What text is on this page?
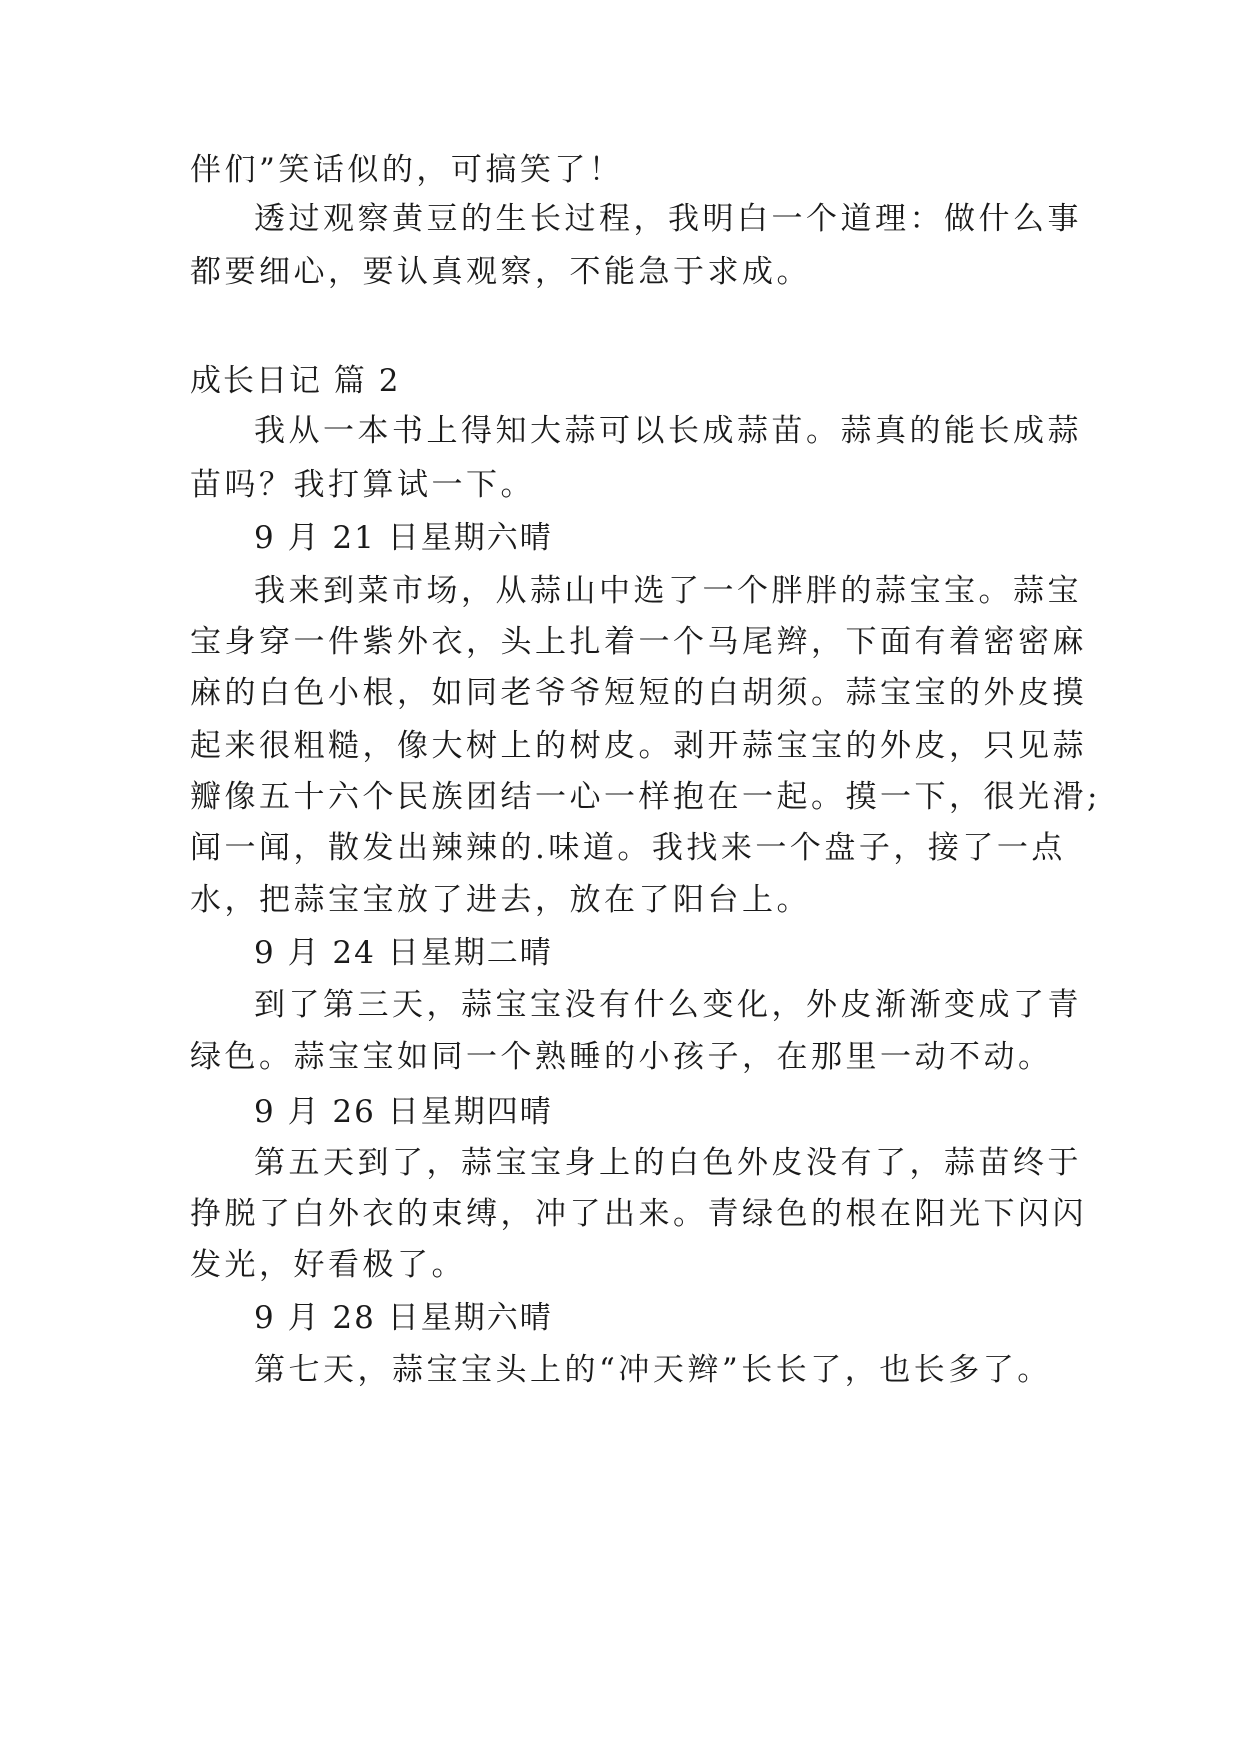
伴们”笑话似的，可搞笑了！
透过观察黄豆的生长过程，我明白一个道理：做什么事
都要细心，要认真观察，不能急于求成。
成长日记 篇 2
我从一本书上得知大蒜可以长成蒜苗。蒜真的能长成蒜
苗吗？我打算试一下。
9 月 21 日星期六晴
我来到菜市场，从蒜山中选了一个胖胖的蒜宝宝。蒜宝
宝身穿一件紫外衣，头上扎着一个马尾辫，下面有着密密麻
麻的白色小根，如同老爷爷短短的白胡须。蒜宝宝的外皮摸
起来很粗糙，像大树上的树皮。剥开蒜宝宝的外皮，只见蒜
瓣像五十六个民族团结一心一样抱在一起。摸一下，很光滑;
闻一闻，散发出辣辣的.味道。我找来一个盘子，接了一点
水，把蒜宝宝放了进去，放在了阳台上。
9 月 24 日星期二晴
到了第三天，蒜宝宝没有什么变化，外皮渐渐变成了青
绿色。蒜宝宝如同一个熟睡的小孩子，在那里一动不动。
9 月 26 日星期四晴
第五天到了，蒜宝宝身上的白色外皮没有了，蒜苗终于
挣脱了白外衣的束缚，冲了出来。青绿色的根在阳光下闪闪
发光，好看极了。
9 月 28 日星期六晴
第七天，蒜宝宝头上的“冲天辫”长长了，也长多了。
